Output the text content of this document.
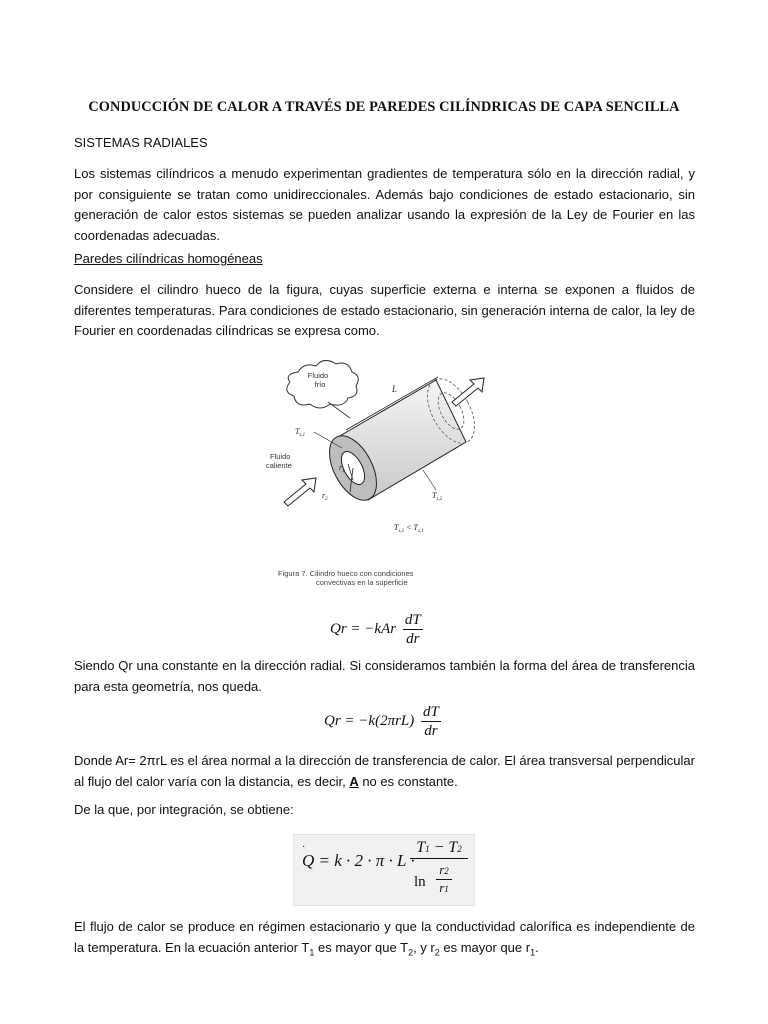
CONDUCCIÓN DE CALOR A TRAVÉS DE PAREDES CILÍNDRICAS DE CAPA SENCILLA
SISTEMAS RADIALES
Los sistemas cilíndricos a menudo experimentan gradientes de temperatura sólo en la dirección radial, y por consiguiente se tratan como unidireccionales. Además bajo condiciones de estado estacionario, sin generación de calor estos sistemas se pueden analizar usando la expresión de la Ley de Fourier en las coordenadas adecuadas.
Paredes cilíndricas homogéneas
Considere el cilindro hueco de la figura, cuyas superficie externa e interna se exponen a fluidos de diferentes temperaturas. Para condiciones de estado estacionario, sin generación interna de calor, la ley de Fourier en coordenadas cilíndricas se expresa como.
Fluido
frío	L
$T_{s,1}$
Fluido
caliente	$r_1$
$r_2$	$T_{s,2}$
$T_{s,2} < T_{s,1}$
Figura 7. Cilindro hueco con condiciones
convectivas en la superficie
$Qr = -kAr \frac{dT}{dr}$
Siendo Qr una constante en la dirección radial. Si consideramos también la forma del área de transferencia para esta geometría, nos queda.
$Qr = -k(2\pi rL) \frac{dT}{dr}$
Donde Ar= 2πrL es el área normal a la dirección de transferencia de calor. El área transversal perpendicular al flujo del calor varía con la distancia, es decir, A no es constante.
De la que, por integración, se obtiene:
Q = k · 2 · π · L ·
·	T1 − T2
ln
r2
r1
El flujo de calor se produce en régimen estacionario y que la conductividad calorífica es independiente de la temperatura. En la ecuación anterior $T_1$ es mayor que $T_2$, y $r_2$ es mayor que $r_1$.
